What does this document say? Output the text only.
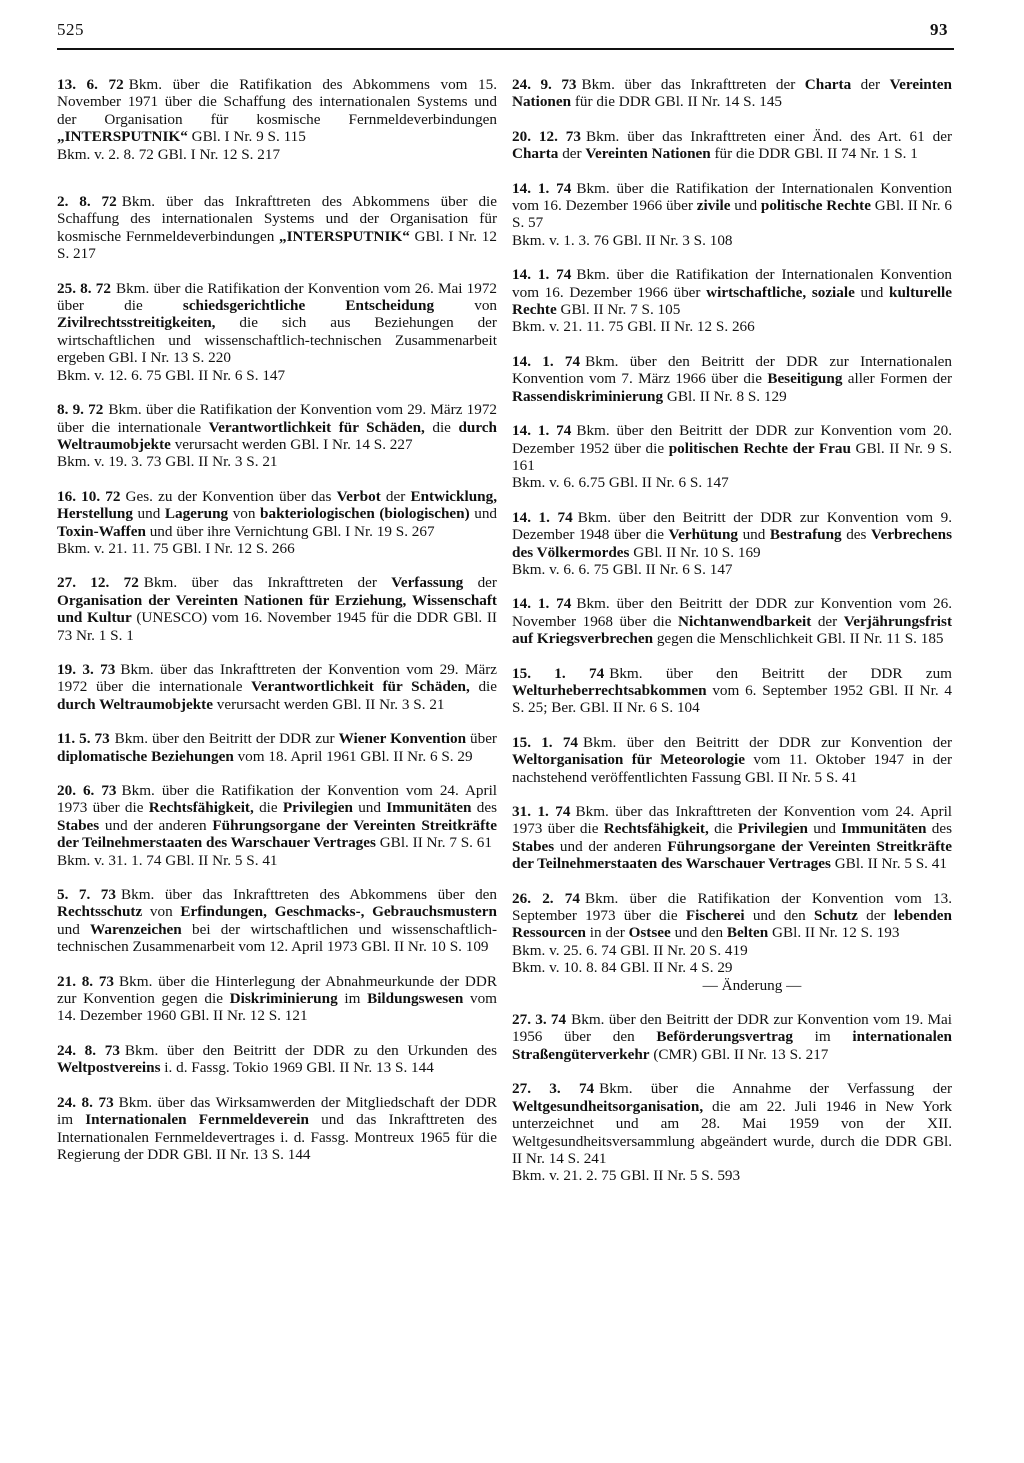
525	93
13. 6. 72 Bkm. über die Ratifikation des Abkommens vom 15. November 1971 über die Schaffung des internationalen Systems und der Organisation für kosmische Fernmeldeverbindungen „INTERSPUTNIK“ GBl. I Nr. 9 S. 115
Bkm. v. 2. 8. 72 GBl. I Nr. 12 S. 217
2. 8. 72 Bkm. über das Inkrafttreten des Abkommens über die Schaffung des internationalen Systems und der Organisation für kosmische Fernmeldeverbindungen „INTERSPUTNIK“ GBl. I Nr. 12 S. 217
25. 8. 72 Bkm. über die Ratifikation der Konvention vom 26. Mai 1972 über die schiedsgerichtliche Entscheidung von Zivilrechtsstreitigkeiten, die sich aus Beziehungen der wirtschaftlichen und wissenschaftlich-technischen Zusammenarbeit ergeben GBl. I Nr. 13 S. 220
Bkm. v. 12. 6. 75 GBl. II Nr. 6 S. 147
8. 9. 72 Bkm. über die Ratifikation der Konvention vom 29. März 1972 über die internationale Verantwortlichkeit für Schäden, die durch Weltraumobjekte verursacht werden GBl. I Nr. 14 S. 227
Bkm. v. 19. 3. 73 GBl. II Nr. 3 S. 21
16. 10. 72 Ges. zu der Konvention über das Verbot der Entwicklung, Herstellung und Lagerung von bakteriologischen (biologischen) und Toxin-Waffen und über ihre Vernichtung GBl. I Nr. 19 S. 267
Bkm. v. 21. 11. 75 GBl. I Nr. 12 S. 266
27. 12. 72 Bkm. über das Inkrafttreten der Verfassung der Organisation der Vereinten Nationen für Erziehung, Wissenschaft und Kultur (UNESCO) vom 16. November 1945 für die DDR GBl. II 73 Nr. 1 S. 1
19. 3. 73 Bkm. über das Inkrafttreten der Konvention vom 29. März 1972 über die internationale Verantwortlichkeit für Schäden, die durch Weltraumobjekte verursacht werden GBl. II Nr. 3 S. 21
11. 5. 73 Bkm. über den Beitritt der DDR zur Wiener Konvention über diplomatische Beziehungen vom 18. April 1961 GBl. II Nr. 6 S. 29
20. 6. 73 Bkm. über die Ratifikation der Konvention vom 24. April 1973 über die Rechtsfähigkeit, die Privilegien und Immunitäten des Stabes und der anderen Führungsorgane der Vereinten Streitkräfte der Teilnehmerstaaten des Warschauer Vertrages GBl. II Nr. 7 S. 61
Bkm. v. 31. 1. 74 GBl. II Nr. 5 S. 41
5. 7. 73 Bkm. über das Inkrafttreten des Abkommens über den Rechtsschutz von Erfindungen, Geschmacks-, Gebrauchsmustern und Warenzeichen bei der wirtschaftlichen und wissenschaftlich-technischen Zusammenarbeit vom 12. April 1973 GBl. II Nr. 10 S. 109
21. 8. 73 Bkm. über die Hinterlegung der Abnahmeurkunde der DDR zur Konvention gegen die Diskriminierung im Bildungswesen vom 14. Dezember 1960 GBl. II Nr. 12 S. 121
24. 8. 73 Bkm. über den Beitritt der DDR zu den Urkunden des Weltpostvereins i. d. Fassg. Tokio 1969 GBl. II Nr. 13 S. 144
24. 8. 73 Bkm. über das Wirksamwerden der Mitgliedschaft der DDR im Internationalen Fernmeldeverein und das Inkrafttreten des Internationalen Fernmeldevertrages i. d. Fassg. Montreux 1965 für die Regierung der DDR GBl. II Nr. 13 S. 144
24. 9. 73 Bkm. über das Inkrafttreten der Charta der Vereinten Nationen für die DDR GBl. II Nr. 14 S. 145
20. 12. 73 Bkm. über das Inkrafttreten einer Änd. des Art. 61 der Charta der Vereinten Nationen für die DDR GBl. II 74 Nr. 1 S. 1
14. 1. 74 Bkm. über die Ratifikation der Internationalen Konvention vom 16. Dezember 1966 über zivile und politische Rechte GBl. II Nr. 6 S. 57
Bkm. v. 1. 3. 76 GBl. II Nr. 3 S. 108
14. 1. 74 Bkm. über die Ratifikation der Internationalen Konvention vom 16. Dezember 1966 über wirtschaftliche, soziale und kulturelle Rechte GBl. II Nr. 7 S. 105
Bkm. v. 21. 11. 75 GBl. II Nr. 12 S. 266
14. 1. 74 Bkm. über den Beitritt der DDR zur Internationalen Konvention vom 7. März 1966 über die Beseitigung aller Formen der Rassendiskriminierung GBl. II Nr. 8 S. 129
14. 1. 74 Bkm. über den Beitritt der DDR zur Konvention vom 20. Dezember 1952 über die politischen Rechte der Frau GBl. II Nr. 9 S. 161
Bkm. v. 6. 6.75 GBl. II Nr. 6 S. 147
14. 1. 74 Bkm. über den Beitritt der DDR zur Konvention vom 9. Dezember 1948 über die Verhütung und Bestrafung des Verbrechens des Völkermordes GBl. II Nr. 10 S. 169
Bkm. v. 6. 6. 75 GBl. II Nr. 6 S. 147
14. 1. 74 Bkm. über den Beitritt der DDR zur Konvention vom 26. November 1968 über die Nichtanwendbarkeit der Verjährungsfrist auf Kriegsverbrechen gegen die Menschlichkeit GBl. II Nr. 11 S. 185
15. 1. 74 Bkm. über den Beitritt der DDR zum Welturheberrechtsabkommen vom 6. September 1952 GBl. II Nr. 4 S. 25; Ber. GBl. II Nr. 6 S. 104
15. 1. 74 Bkm. über den Beitritt der DDR zur Konvention der Weltorganisation für Meteorologie vom 11. Oktober 1947 in der nachstehend veröffentlichten Fassung GBl. II Nr. 5 S. 41
31. 1. 74 Bkm. über das Inkrafttreten der Konvention vom 24. April 1973 über die Rechtsfähigkeit, die Privilegien und Immunitäten des Stabes und der anderen Führungsorgane der Vereinten Streitkräfte der Teilnehmerstaaten des Warschauer Vertrages GBl. II Nr. 5 S. 41
26. 2. 74 Bkm. über die Ratifikation der Konvention vom 13. September 1973 über die Fischerei und den Schutz der lebenden Ressourcen in der Ostsee und den Belten GBl. II Nr. 12 S. 193
Bkm. v. 25. 6. 74 GBl. II Nr. 20 S. 419
Bkm. v. 10. 8. 84 GBl. II Nr. 4 S. 29
— Änderung —
27. 3. 74 Bkm. über den Beitritt der DDR zur Konvention vom 19. Mai 1956 über den Beförderungsvertrag im internationalen Straßengüterverkehr (CMR) GBl. II Nr. 13 S. 217
27. 3. 74 Bkm. über die Annahme der Verfassung der Weltgesundheitsorganisation, die am 22. Juli 1946 in New York unterzeichnet und am 28. Mai 1959 von der XII. Weltgesundheitsversammlung abgeändert wurde, durch die DDR GBl. II Nr. 14 S. 241
Bkm. v. 21. 2. 75 GBl. II Nr. 5 S. 593
